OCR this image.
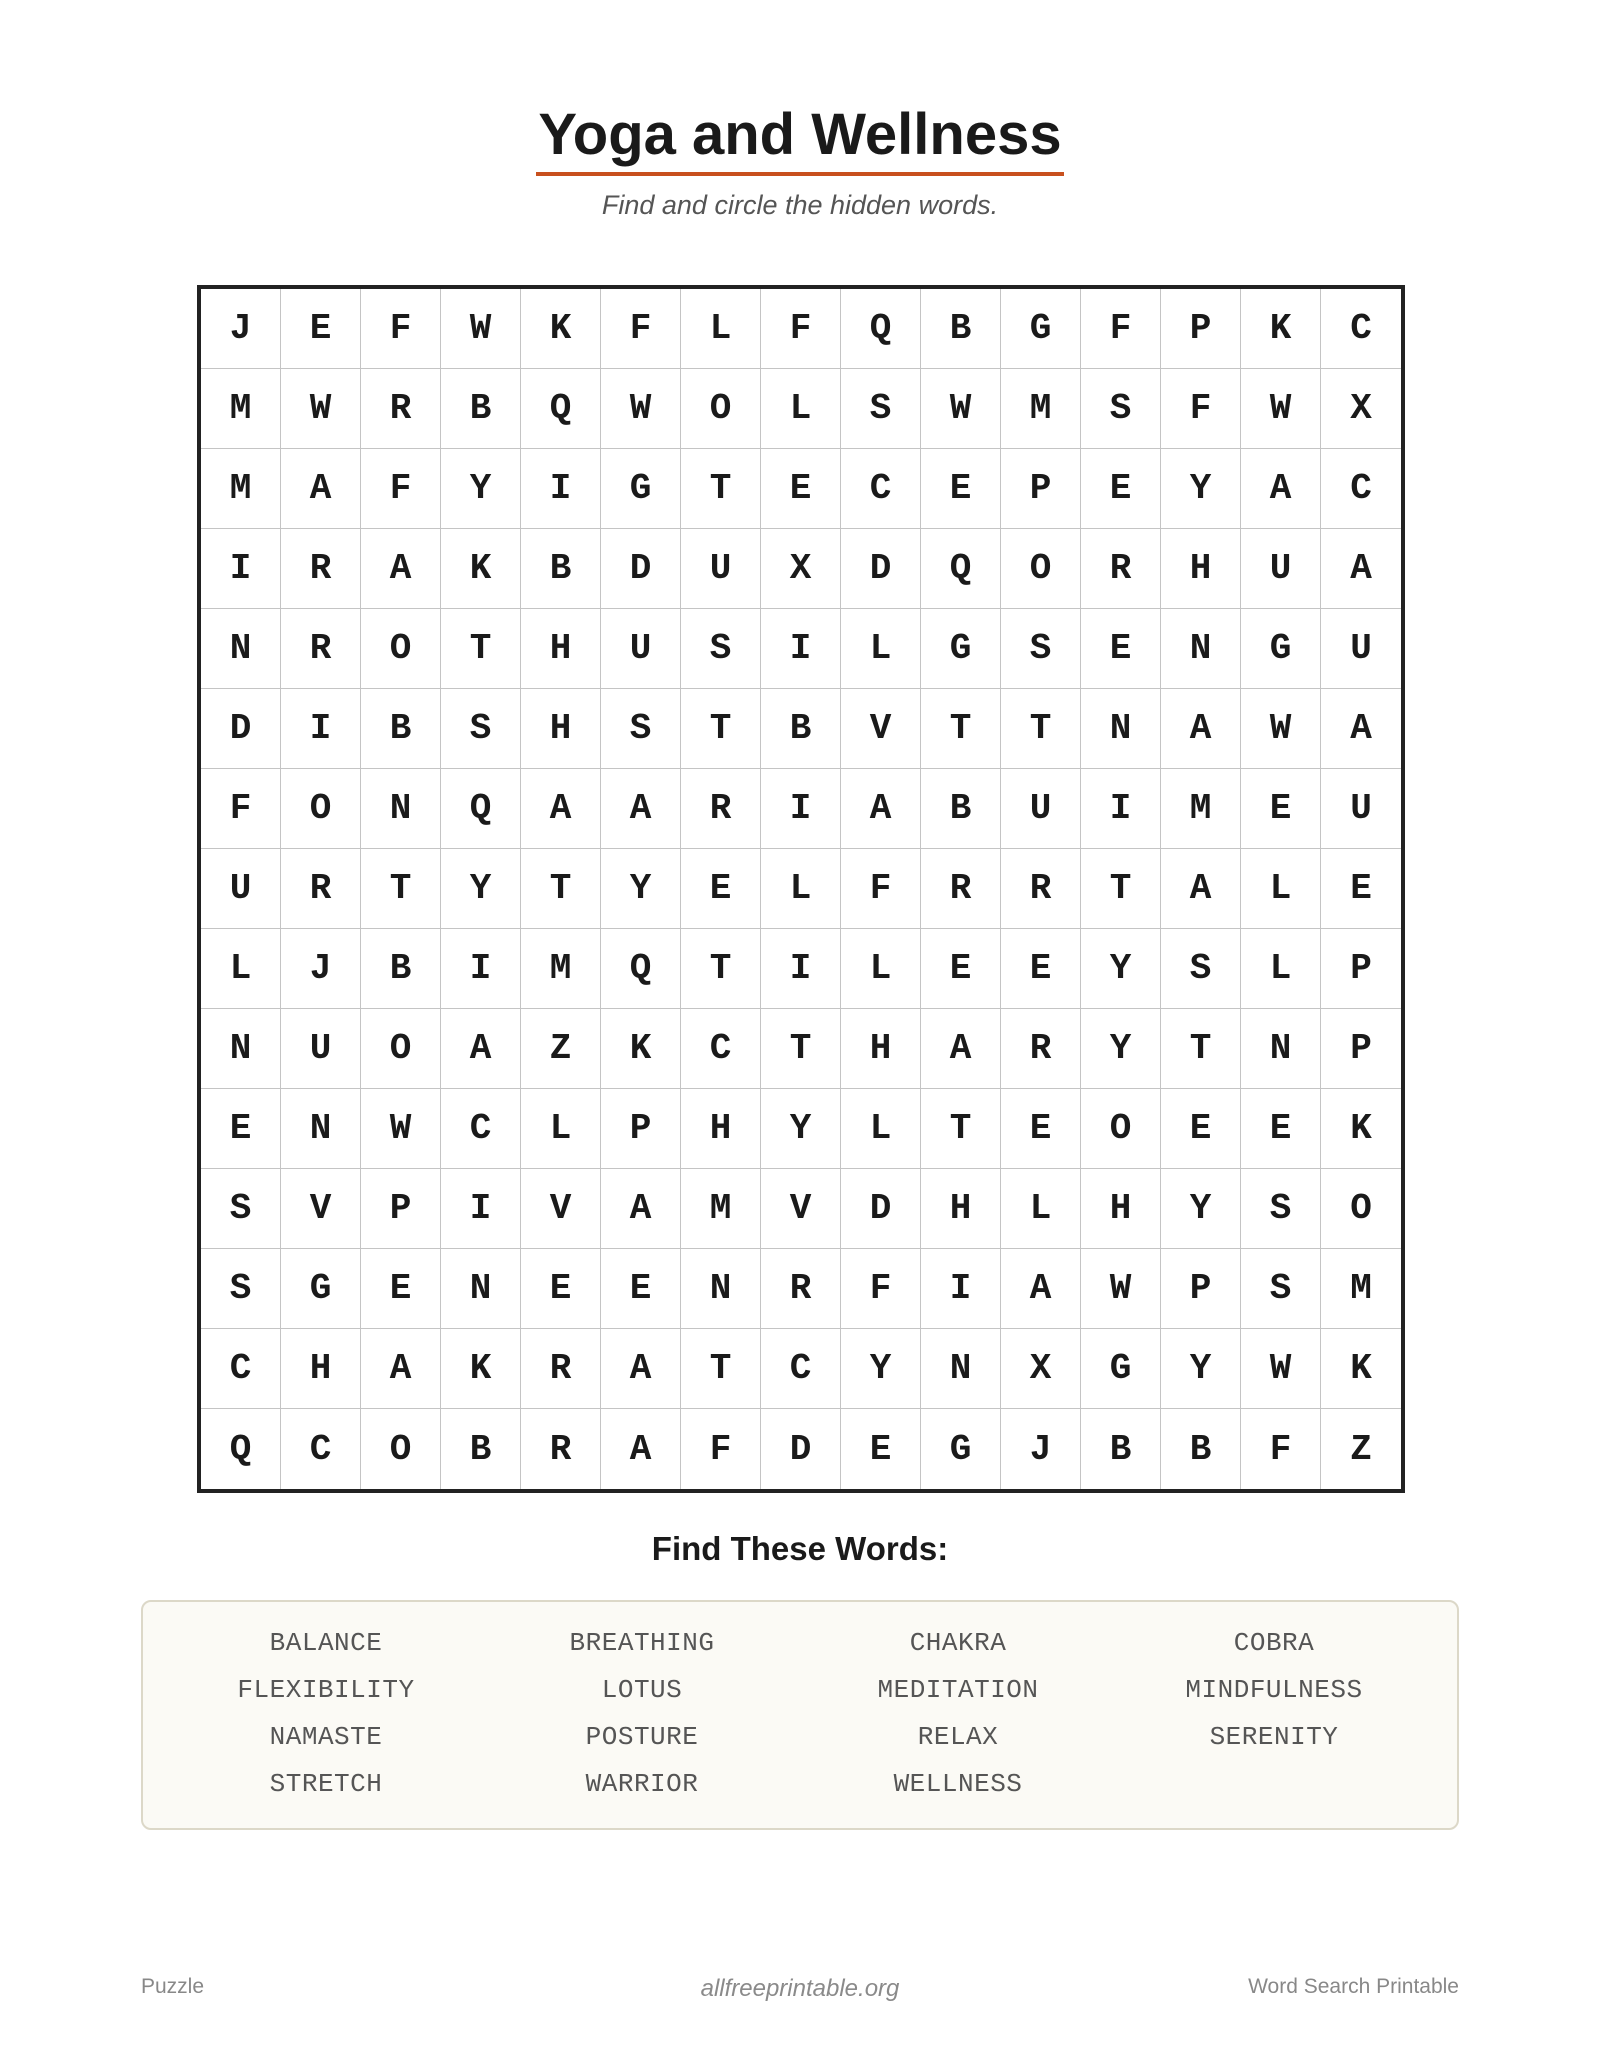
Yoga and Wellness
Find and circle the hidden words.
J	E	F	W	K	F	L	F	Q	B	G	F	P	K	C
M	W	R	B	Q	W	O	L	S	W	M	S	F	W	X
M	A	F	Y	I	G	T	E	C	E	P	E	Y	A	C
I	R	A	K	B	D	U	X	D	Q	O	R	H	U	A
N	R	O	T	H	U	S	I	L	G	S	E	N	G	U
D	I	B	S	H	S	T	B	V	T	T	N	A	W	A
F	O	N	Q	A	A	R	I	A	B	U	I	M	E	U
U	R	T	Y	T	Y	E	L	F	R	R	T	A	L	E
L	J	B	I	M	Q	T	I	L	E	E	Y	S	L	P
N	U	O	A	Z	K	C	T	H	A	R	Y	T	N	P
E	N	W	C	L	P	H	Y	L	T	E	O	E	E	K
S	V	P	I	V	A	M	V	D	H	L	H	Y	S	O
S	G	E	N	E	E	N	R	F	I	A	W	P	S	M
C	H	A	K	R	A	T	C	Y	N	X	G	Y	W	K
Q	C	O	B	R	A	F	D	E	G	J	B	B	F	Z
Find These Words:
BALANCE	BREATHING	CHAKRA	COBRA
FLEXIBILITY	LOTUS	MEDITATION	MINDFULNESS
NAMASTE	POSTURE	RELAX	SERENITY
STRETCH	WARRIOR	WELLNESS
Puzzle	allfreeprintable.org	Word Search Printable
